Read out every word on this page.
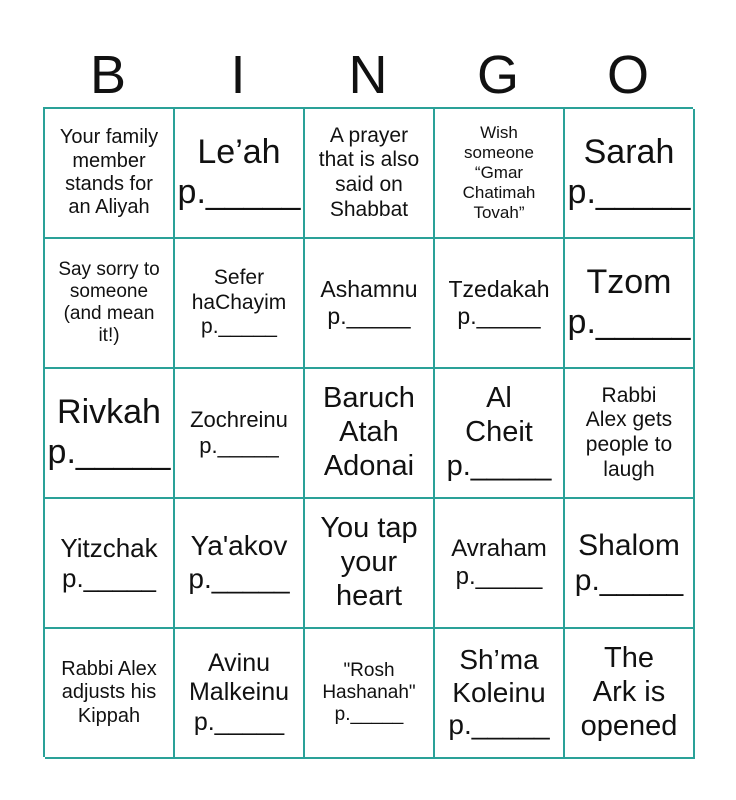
B	I	N	G	O
Your family
member
stands for
an Aliyah
Le’ah
p._____
A prayer
that is also
said on
Shabbat
Wish
someone
“Gmar
Chatimah
Tovah”
Sarah
p._____
Say sorry to
someone
(and mean
it!)
Sefer
haChayim
p._____
Ashamnu
p._____
Tzedakah
p._____
Tzom
p._____
Rivkah
p._____
Zochreinu
p._____
Baruch
Atah
Adonai
Al
Cheit
p._____
Rabbi
Alex gets
people to
laugh
Yitzchak
p._____
Ya'akov
p._____
You tap
your
heart
Avraham
p._____
Shalom
p._____
Rabbi Alex
adjusts his
Kippah
Avinu
Malkeinu
p._____
"Rosh
Hashanah"
p._____
Sh’ma
Koleinu
p._____
The
Ark is
opened
